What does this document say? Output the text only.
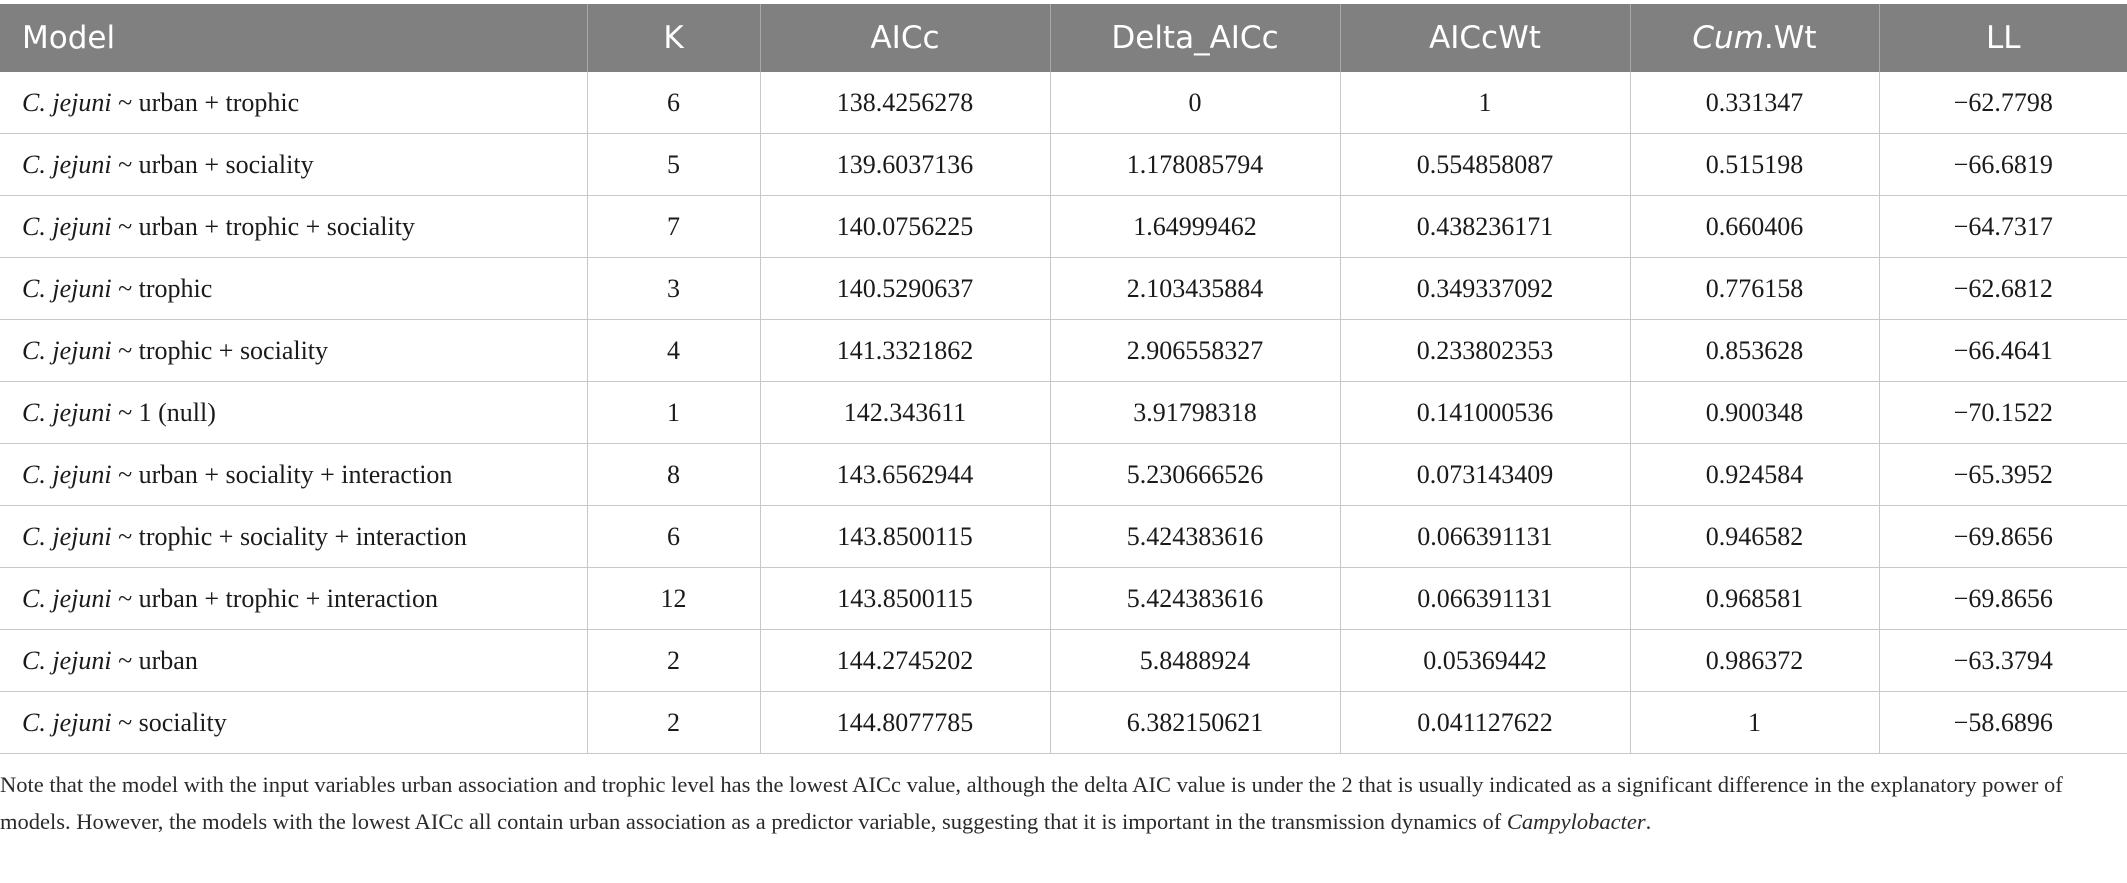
Model	K	AICc	Delta_AICc	AICcWt	Cum.Wt	LL
C. jejuni ~ urban + trophic	6	138.4256278	0	1	0.331347	−62.7798
C. jejuni ~ urban + sociality	5	139.6037136	1.178085794	0.554858087	0.515198	−66.6819
C. jejuni ~ urban + trophic + sociality	7	140.0756225	1.64999462	0.438236171	0.660406	−64.7317
C. jejuni ~ trophic	3	140.5290637	2.103435884	0.349337092	0.776158	−62.6812
C. jejuni ~ trophic + sociality	4	141.3321862	2.906558327	0.233802353	0.853628	−66.4641
C. jejuni ~ 1 (null)	1	142.343611	3.91798318	0.141000536	0.900348	−70.1522
C. jejuni ~ urban + sociality + interaction	8	143.6562944	5.230666526	0.073143409	0.924584	−65.3952
C. jejuni ~ trophic + sociality + interaction	6	143.8500115	5.424383616	0.066391131	0.946582	−69.8656
C. jejuni ~ urban + trophic + interaction	12	143.8500115	5.424383616	0.066391131	0.968581	−69.8656
C. jejuni ~ urban	2	144.2745202	5.8488924	0.05369442	0.986372	−63.3794
C. jejuni ~ sociality	2	144.8077785	6.382150621	0.041127622	1	−58.6896

Note that the model with the input variables urban association and trophic level has the lowest AICc value, although the delta AIC value is under the 2 that is usually indicated as a significant difference in the explanatory power of models. However, the models with the lowest AICc all contain urban association as a predictor variable, suggesting that it is important in the transmission dynamics of Campylobacter.
